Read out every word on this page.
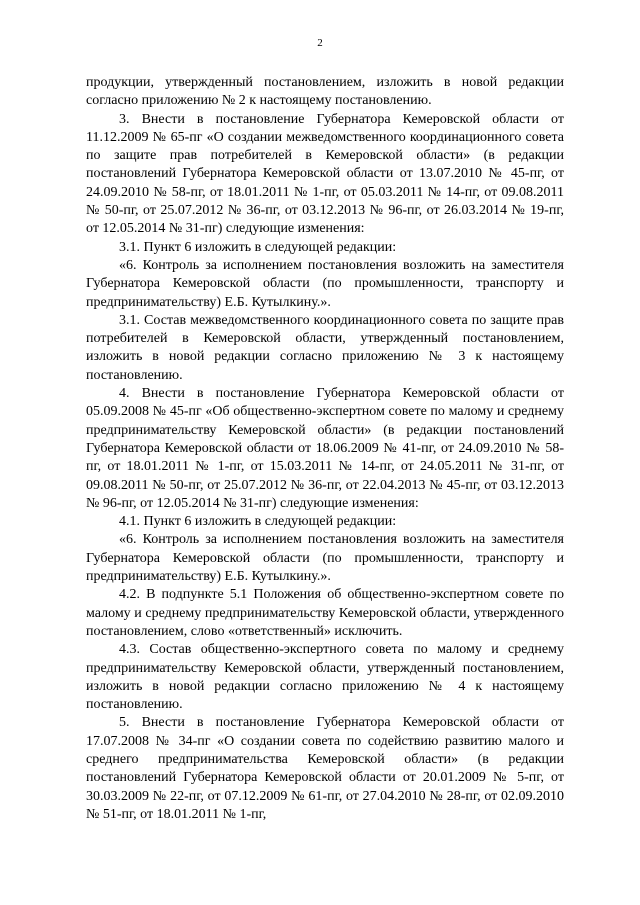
2

продукции, утвержденный постановлением, изложить в новой редакции согласно приложению № 2 к настоящему постановлению.

3. Внести в постановление Губернатора Кемеровской области от 11.12.2009 № 65-пг «О создании межведомственного координационного совета по защите прав потребителей в Кемеровской области» (в редакции постановлений Губернатора Кемеровской области от 13.07.2010 № 45-пг, от 24.09.2010 № 58-пг, от 18.01.2011 № 1-пг, от 05.03.2011 № 14-пг, от 09.08.2011 № 50-пг, от 25.07.2012 № 36-пг, от 03.12.2013 № 96-пг, от 26.03.2014 № 19-пг, от 12.05.2014 № 31-пг) следующие изменения:

3.1. Пункт 6 изложить в следующей редакции:

«6. Контроль за исполнением постановления возложить на заместителя Губернатора Кемеровской области (по промышленности, транспорту и предпринимательству) Е.Б. Кутылкину.».

3.1. Состав межведомственного координационного совета по защите прав потребителей в Кемеровской области, утвержденный постановлением, изложить в новой редакции согласно приложению № 3 к настоящему постановлению.

4. Внести в постановление Губернатора Кемеровской области от 05.09.2008 № 45-пг «Об общественно-экспертном совете по малому и среднему предпринимательству Кемеровской области» (в редакции постановлений Губернатора Кемеровской области от 18.06.2009 № 41-пг, от 24.09.2010 № 58-пг, от 18.01.2011 № 1-пг, от 15.03.2011 № 14-пг, от 24.05.2011 № 31-пг, от 09.08.2011 № 50-пг, от 25.07.2012 № 36-пг, от 22.04.2013 № 45-пг, от 03.12.2013 № 96-пг, от 12.05.2014 № 31-пг) следующие изменения:

4.1. Пункт 6 изложить в следующей редакции:

«6. Контроль за исполнением постановления возложить на заместителя Губернатора Кемеровской области (по промышленности, транспорту и предпринимательству) Е.Б. Кутылкину.».

4.2. В подпункте 5.1 Положения об общественно-экспертном совете по малому и среднему предпринимательству Кемеровской области, утвержденного постановлением, слово «ответственный» исключить.

4.3. Состав общественно-экспертного совета по малому и среднему предпринимательству Кемеровской области, утвержденный постановлением, изложить в новой редакции согласно приложению № 4 к настоящему постановлению.

5. Внести в постановление Губернатора Кемеровской области от 17.07.2008 № 34-пг «О создании совета по содействию развитию малого и среднего предпринимательства Кемеровской области» (в редакции постановлений Губернатора Кемеровской области от 20.01.2009 № 5-пг, от 30.03.2009 № 22-пг, от 07.12.2009 № 61-пг, от 27.04.2010 № 28-пг, от 02.09.2010 № 51-пг, от 18.01.2011 № 1-пг,
